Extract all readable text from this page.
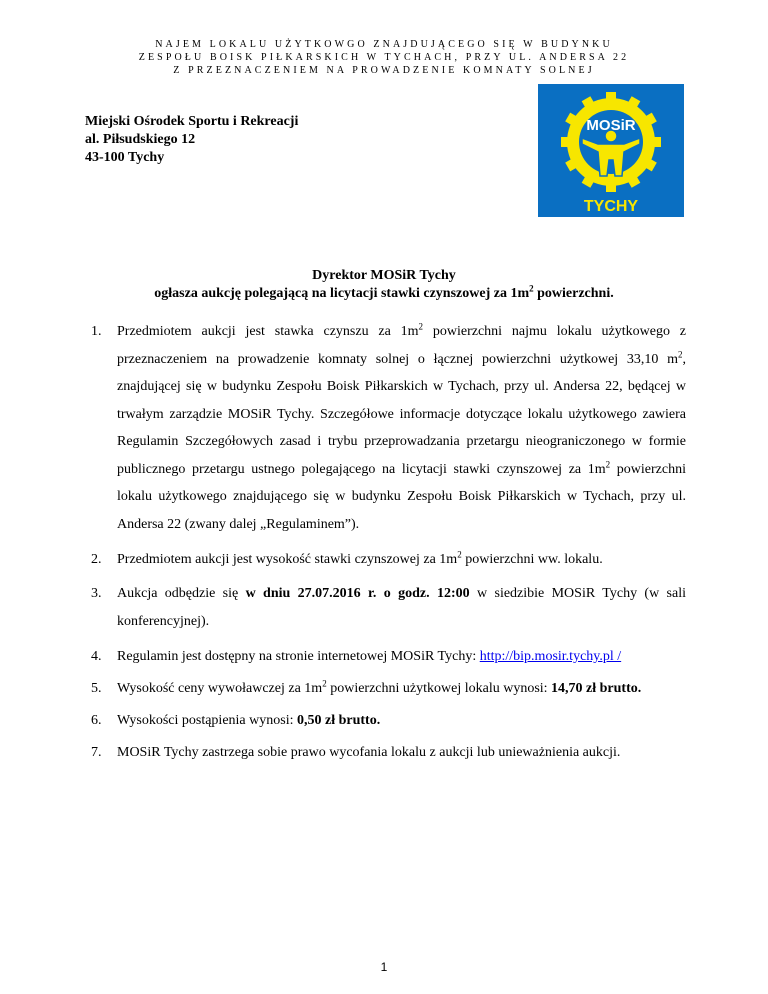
NAJEM LOKALU UŻYTKOWGO ZNAJDUJĄCEGO SIĘ W BUDYNKU
ZESPOŁU BOISK PIŁKARSKICH W TYCHACH, PRZY UL. ANDERSA 22
Z PRZEZNACZENIEM NA PROWADZENIE KOMNATY SOLNEJ
Miejski Ośrodek Sportu i Rekreacji
al. Piłsudskiego 12
43-100 Tychy
MOSiR
TYCHY
Dyrektor MOSiR Tychy
ogłasza aukcję polegającą na licytacji stawki czynszowej za $1m^2$ powierzchni.
1. Przedmiotem aukcji jest stawka czynszu za $1m^2$ powierzchni najmu lokalu użytkowego z przeznaczeniem na prowadzenie komnaty solnej o łącznej powierzchni użytkowej 33,10 $m^2$, znajdującej się w budynku Zespołu Boisk Piłkarskich w Tychach, przy ul. Andersa 22, będącej w trwałym zarządzie MOSiR Tychy. Szczegółowe informacje dotyczące lokalu użytkowego zawiera Regulamin Szczegółowych zasad i trybu przeprowadzania przetargu nieograniczonego w formie publicznego przetargu ustnego polegającego na licytacji stawki czynszowej za $1m^2$ powierzchni lokalu użytkowego znajdującego się w budynku Zespołu Boisk Piłkarskich w Tychach, przy ul. Andersa 22 (zwany dalej „Regulaminem”).
2. Przedmiotem aukcji jest wysokość stawki czynszowej za $1m^2$ powierzchni ww. lokalu.
3. Aukcja odbędzie się w dniu 27.07.2016 r. o godz. 12:00 w siedzibie MOSiR Tychy (w sali konferencyjnej).
4. Regulamin jest dostępny na stronie internetowej MOSiR Tychy: http://bip.mosir.tychy.pl /
5. Wysokość ceny wywoławczej za $1m^2$ powierzchni użytkowej lokalu wynosi: 14,70 zł brutto.
6. Wysokości postąpienia wynosi: 0,50 zł brutto.
7. MOSiR Tychy zastrzega sobie prawo wycofania lokalu z aukcji lub unieważnienia aukcji.
1
